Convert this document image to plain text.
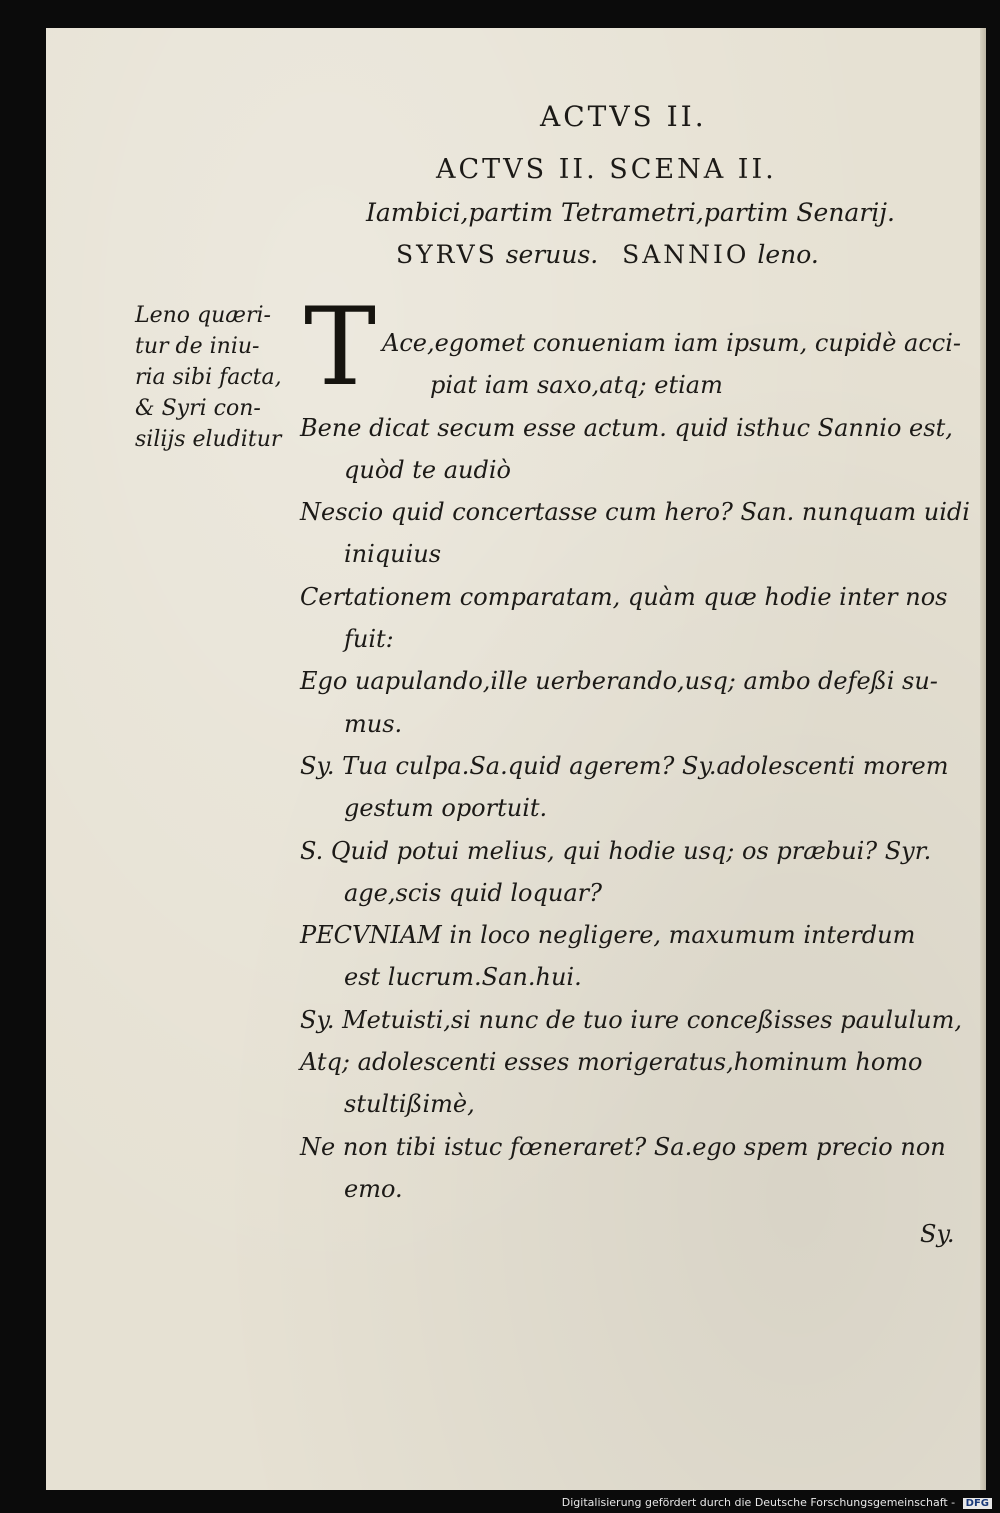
ACTVS II.
ACTVS II. SCENA II.
Iambici,partim Tetrametri,partim Senarij.
SYRVS seruus. SANNIO leno.
Leno quæri-
tur de iniu-
ria sibi facta,
& Syri con-
silijs eluditur
T Ace,egomet conueniam iam ipsum, cupidè acci-
piat iam saxo,atq; etiam
Bene dicat secum esse actum. quid isthuc Sannio est,
quòd te audiò
Nescio quid concertasse cum hero? San. nunquam uidi
iniquius
Certationem comparatam, quàm quæ hodie inter nos
fuit:
Ego uapulando,ille uerberando,usq; ambo defeßi su-
mus.
Sy. Tua culpa.Sa.quid agerem? Sy.adolescenti morem
gestum oportuit.
S. Quid potui melius, qui hodie usq; os præbui? Syr.
age,scis quid loquar?
PECVNIAM in loco negligere, maxumum interdum
est lucrum.San.hui.
Sy. Metuisti,si nunc de tuo iure conceßisses paululum,
Atq; adolescenti esses morigeratus,hominum homo
stultißimè,
Ne non tibi istuc fœneraret? Sa.ego spem precio non
emo.
Sy.
Digitalisierung gefördert durch die Deutsche Forschungsgemeinschaft - DFG
